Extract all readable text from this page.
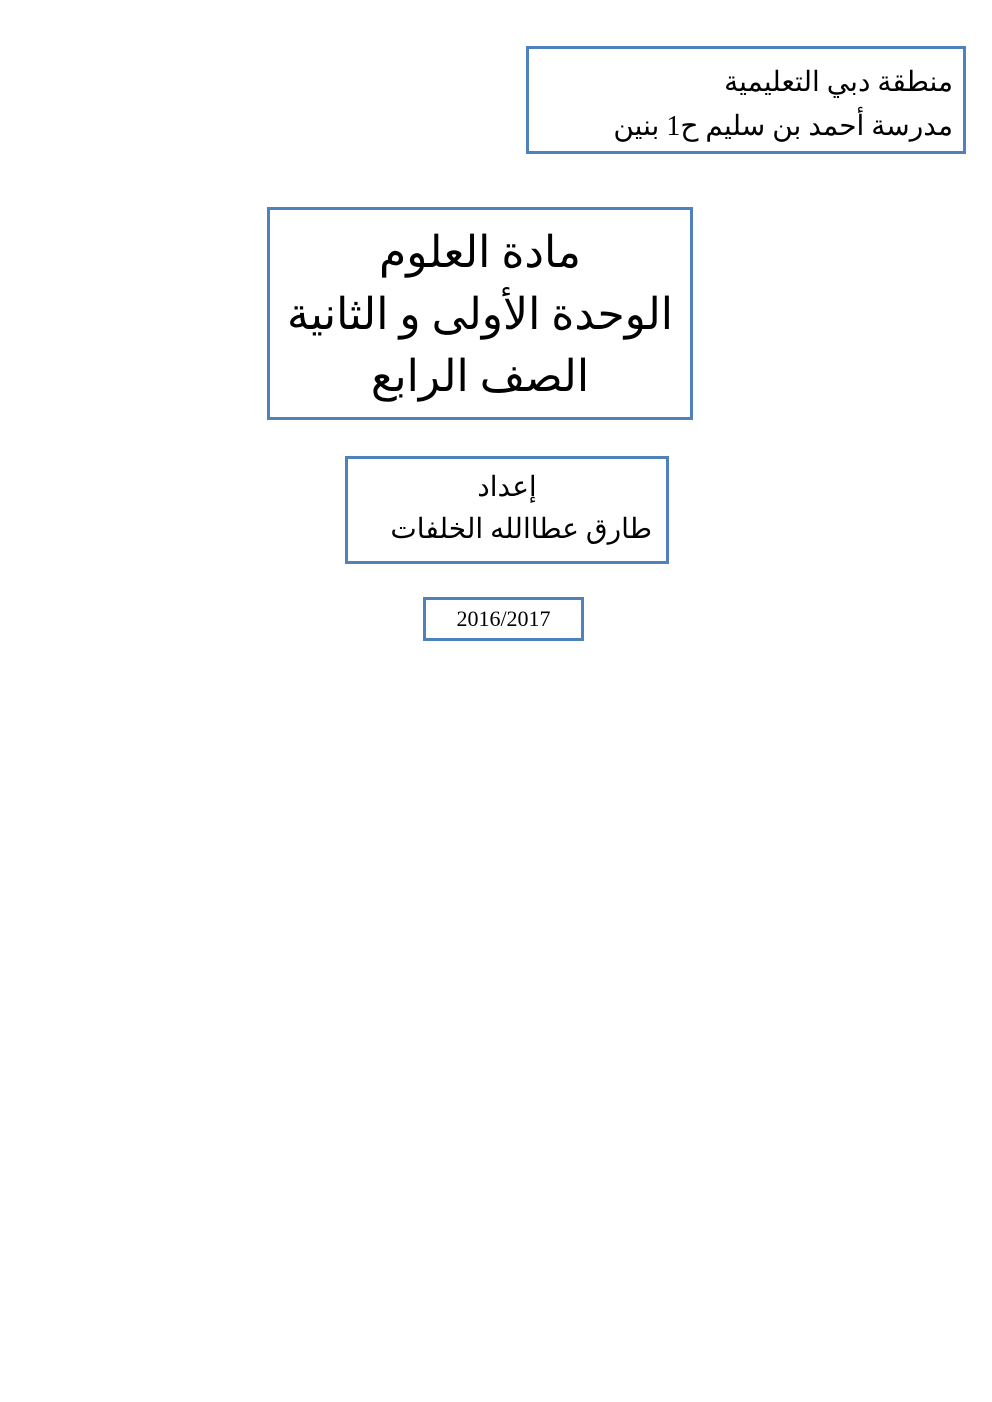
منطقة دبي التعليمية
مدرسة أحمد بن سليم ح1 بنين
مادة العلوم
الوحدة الأولى و الثانية
الصف الرابع
إعداد
طارق عطاالله الخلفات
2016/2017
